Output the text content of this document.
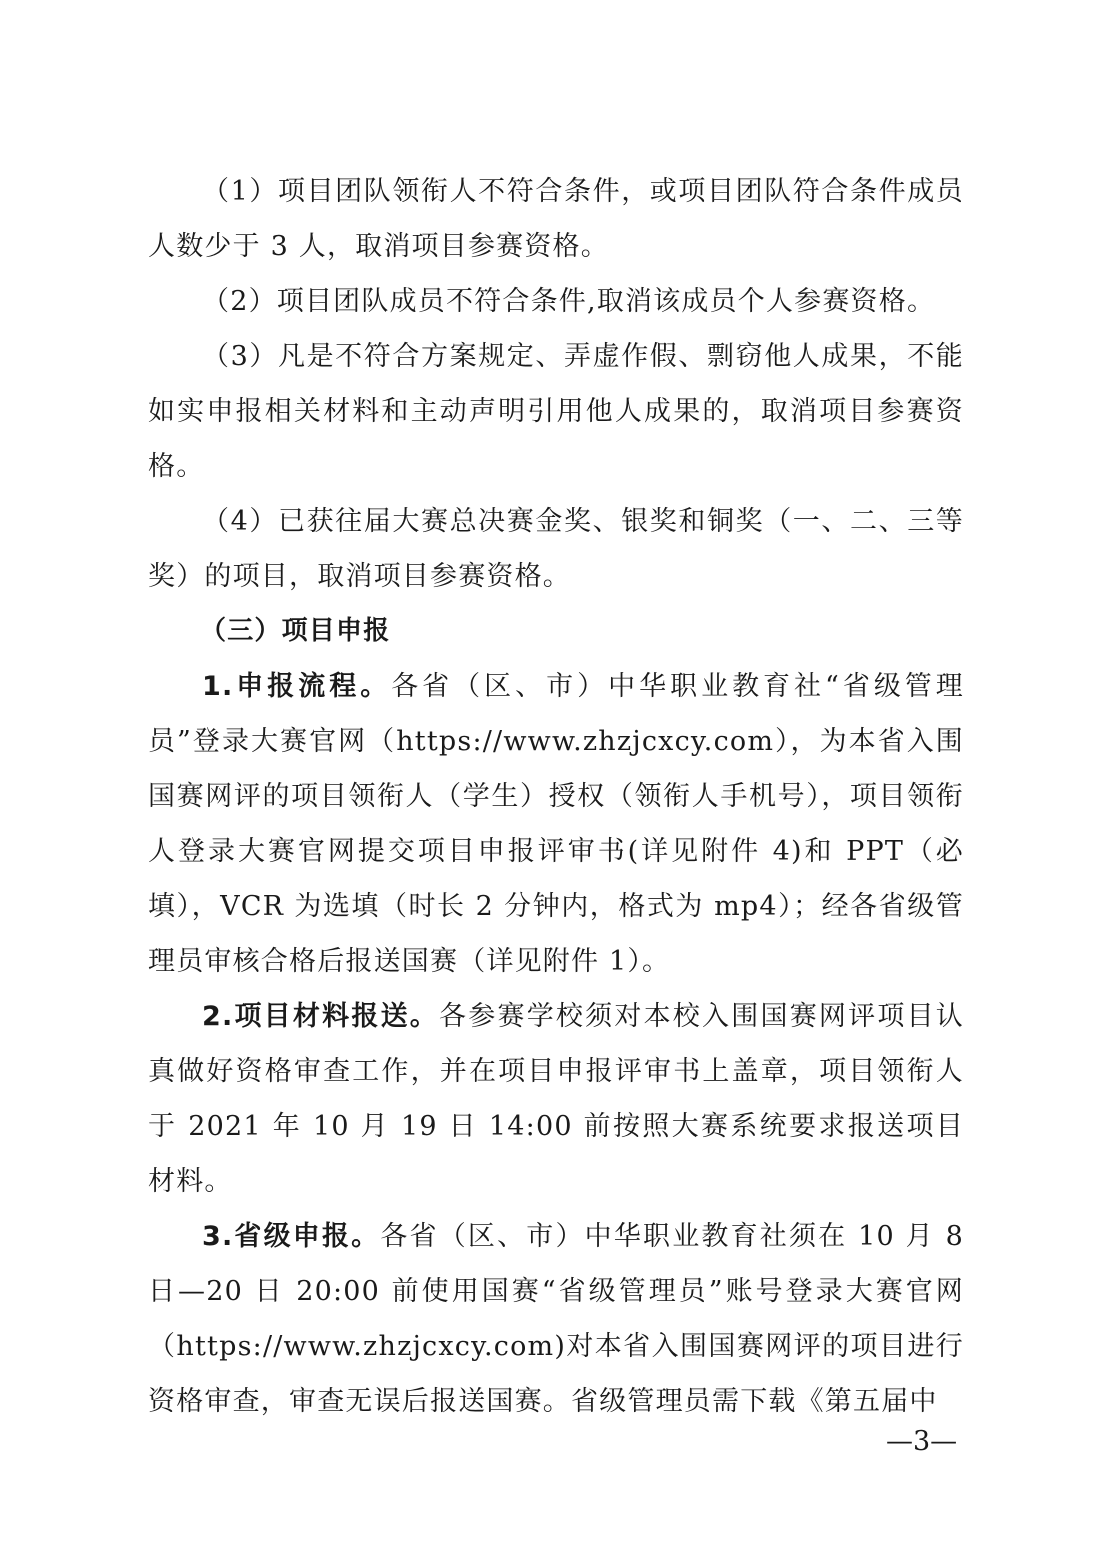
（1）项目团队领衔人不符合条件，或项目团队符合条件成员人数少于 3 人，取消项目参赛资格。

（2）项目团队成员不符合条件,取消该成员个人参赛资格。

（3）凡是不符合方案规定、弄虚作假、剽窃他人成果，不能如实申报相关材料和主动声明引用他人成果的，取消项目参赛资格。

（4）已获往届大赛总决赛金奖、银奖和铜奖（一、二、三等奖）的项目，取消项目参赛资格。

（三）项目申报

1.申报流程。各省（区、市）中华职业教育社“省级管理员”登录大赛官网（https://www.zhzjcxcy.com），为本省入围国赛网评的项目领衔人（学生）授权（领衔人手机号），项目领衔人登录大赛官网提交项目申报评审书(详见附件 4)和 PPT（必填），VCR 为选填（时长 2 分钟内，格式为 mp4）；经各省级管理员审核合格后报送国赛（详见附件 1）。

2.项目材料报送。各参赛学校须对本校入围国赛网评项目认真做好资格审查工作，并在项目申报评审书上盖章，项目领衔人于 2021 年 10 月 19 日 14:00 前按照大赛系统要求报送项目材料。

3.省级申报。各省（区、市）中华职业教育社须在 10 月 8 日—20 日 20:00 前使用国赛“省级管理员”账号登录大赛官网（https://www.zhzjcxcy.com)对本省入围国赛网评的项目进行资格审查，审查无误后报送国赛。省级管理员需下载《第五届中

—3—
